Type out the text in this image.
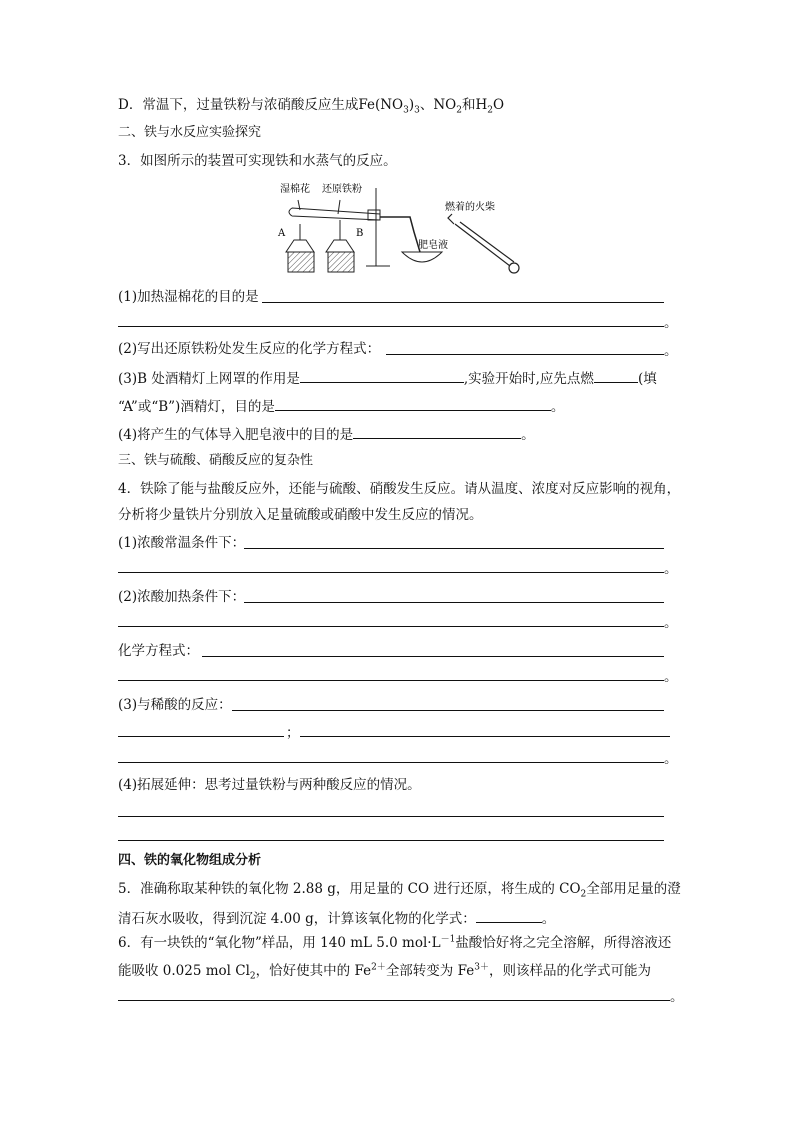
D．常温下，过量铁粉与浓硝酸反应生成$Fe(NO_3)_3$、$NO_2$和$H_2O$
二、铁与水反应实验探究
3．如图所示的装置可实现铁和水蒸气的反应。
湿棉花 还原铁粉
燃着的火柴
肥皂液
A	B
(1)加热湿棉花的目的是
。
(2)写出还原铁粉处发生反应的化学方程式：	。
(3)B 处酒精灯上网罩的作用是	,实验开始时,应先点燃	(填
“A”或“B”)酒精灯，目的是	。
(4)将产生的气体导入肥皂液中的目的是	。
三、铁与硫酸、硝酸反应的复杂性
4．铁除了能与盐酸反应外，还能与硫酸、硝酸发生反应。请从温度、浓度对反应影响的视角，
分析将少量铁片分别放入足量硫酸或硝酸中发生反应的情况。
(1)浓酸常温条件下：
。
(2)浓酸加热条件下：
。
化学方程式：
。
(3)与稀酸的反应：
；
。
(4)拓展延伸：思考过量铁粉与两种酸反应的情况。
四、铁的氧化物组成分析
5．准确称取某种铁的氧化物 2.88 g，用足量的 CO 进行还原，将生成的 $CO_2$全部用足量的澄
清石灰水吸收，得到沉淀 4.00 g，计算该氧化物的化学式：	。
6．有一块铁的“氧化物”样品，用 140 mL 5.0 $mol\cdot L^{-1}$盐酸恰好将之完全溶解，所得溶液还
能吸收 0.025 mol $Cl_2$，恰好使其中的 $Fe^{2+}$全部转变为 $Fe^{3+}$，则该样品的化学式可能为
。
